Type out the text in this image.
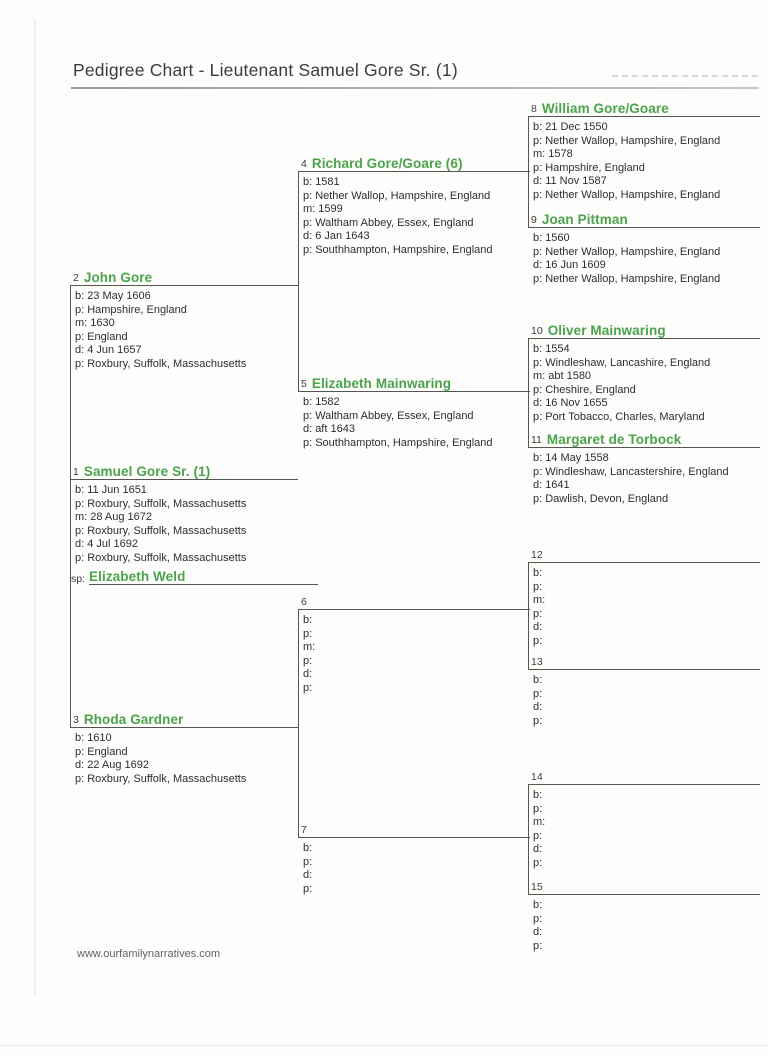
Pedigree Chart - Lieutenant Samuel Gore Sr. (1)
2 John Gore
b: 23 May 1606
p: Hampshire, England
m: 1630
p: England
d: 4 Jun 1657
p: Roxbury, Suffolk, Massachusetts
1 Samuel Gore Sr. (1)
b: 11 Jun 1651
p: Roxbury, Suffolk, Massachusetts
m: 28 Aug 1672
p: Roxbury, Suffolk, Massachusetts
d: 4 Jul 1692
p: Roxbury, Suffolk, Massachusetts
sp: Elizabeth Weld
3 Rhoda Gardner
b: 1610
p: England
d: 22 Aug 1692
p: Roxbury, Suffolk, Massachusetts
4 Richard Gore/Goare (6)
b: 1581
p: Nether Wallop, Hampshire, England
m: 1599
p: Waltham Abbey, Essex, England
d: 6 Jan 1643
p: Southhampton, Hampshire, England
5 Elizabeth Mainwaring
b: 1582
p: Waltham Abbey, Essex, England
d: aft 1643
p: Southhampton, Hampshire, England
6
b:
p:
m:
p:
d:
p:
7
b:
p:
d:
p:
8 William Gore/Goare
b: 21 Dec 1550
p: Nether Wallop, Hampshire, England
m: 1578
p: Hampshire, England
d: 11 Nov 1587
p: Nether Wallop, Hampshire, England
9 Joan Pittman
b: 1560
p: Nether Wallop, Hampshire, England
d: 16 Jun 1609
p: Nether Wallop, Hampshire, England
10 Oliver Mainwaring
b: 1554
p: Windleshaw, Lancashire, England
m: abt 1580
p: Cheshire, England
d: 16 Nov 1655
p: Port Tobacco, Charles, Maryland
11 Margaret de Torbock
b: 14 May 1558
p: Windleshaw, Lancastershire, England
d: 1641
p: Dawlish, Devon, England
12
b:
p:
m:
p:
d:
p:
13
b:
p:
d:
p:
14
b:
p:
m:
p:
d:
p:
15
b:
p:
d:
p:
www.ourfamilynarratives.com
